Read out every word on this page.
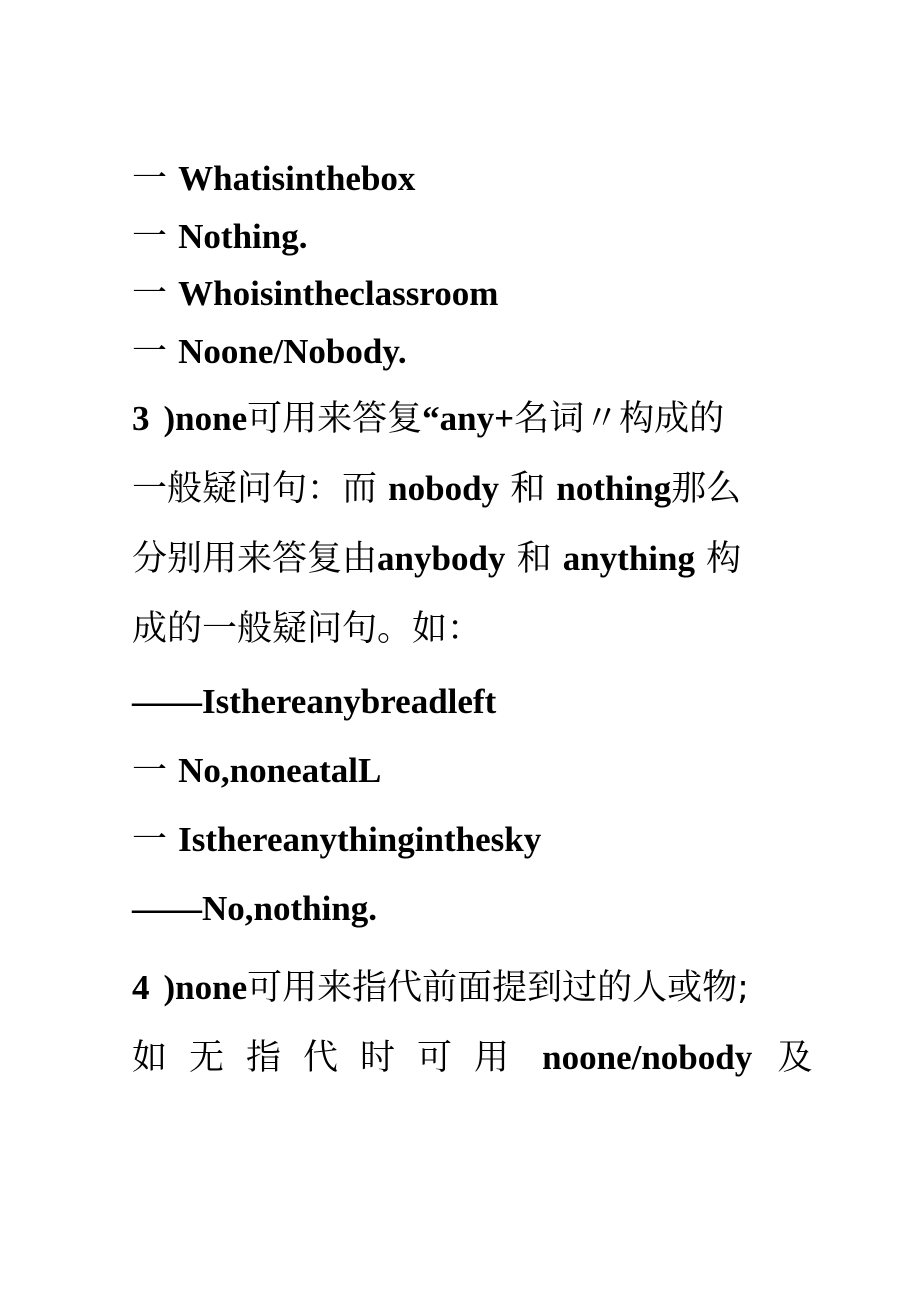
一 Whatisinthebox
一 Nothing.
一 Whoisintheclassroom
一 Noone/Nobody.
3 )none可用来答复“any+名词〃构成的
一般疑问句：而 nobody 和 nothing那么
分别用来答复由anybody 和 anything 构
成的一般疑问句。如：
——Isthereanybreadleft
一 No,noneatalL
一 Isthereanythinginthesky
——No,nothing.
4 )none可用来指代前面提到过的人或物;
如无指代时可用 noone/nobody 及
